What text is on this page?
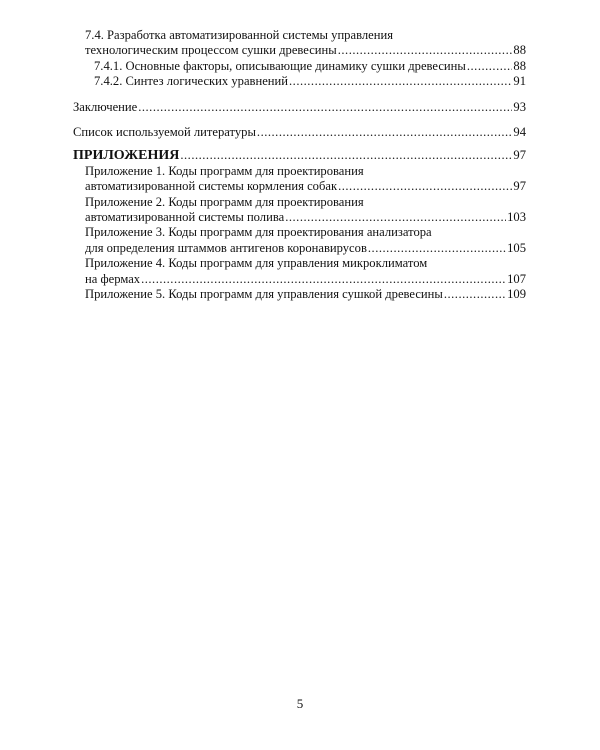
7.4. Разработка автоматизированной системы управления
технологическим процессом сушки древесины .....	88
7.4.1. Основные факторы, описывающие динамику сушки древесины .....	88
7.4.2. Синтез логических уравнений .....	91
Заключение .....	93
Список используемой литературы .....	94
ПРИЛОЖЕНИЯ .....	97
Приложение 1. Коды программ для проектирования
автоматизированной системы кормления собак .....	97
Приложение 2. Коды программ для проектирования
автоматизированной системы полива .....	103
Приложение 3. Коды программ для проектирования анализатора
для определения штаммов антигенов коронавирусов .....	105
Приложение 4. Коды программ для управления микроклиматом
на фермах .....	107
Приложение 5. Коды программ для управления сушкой древесины .....	109
5
